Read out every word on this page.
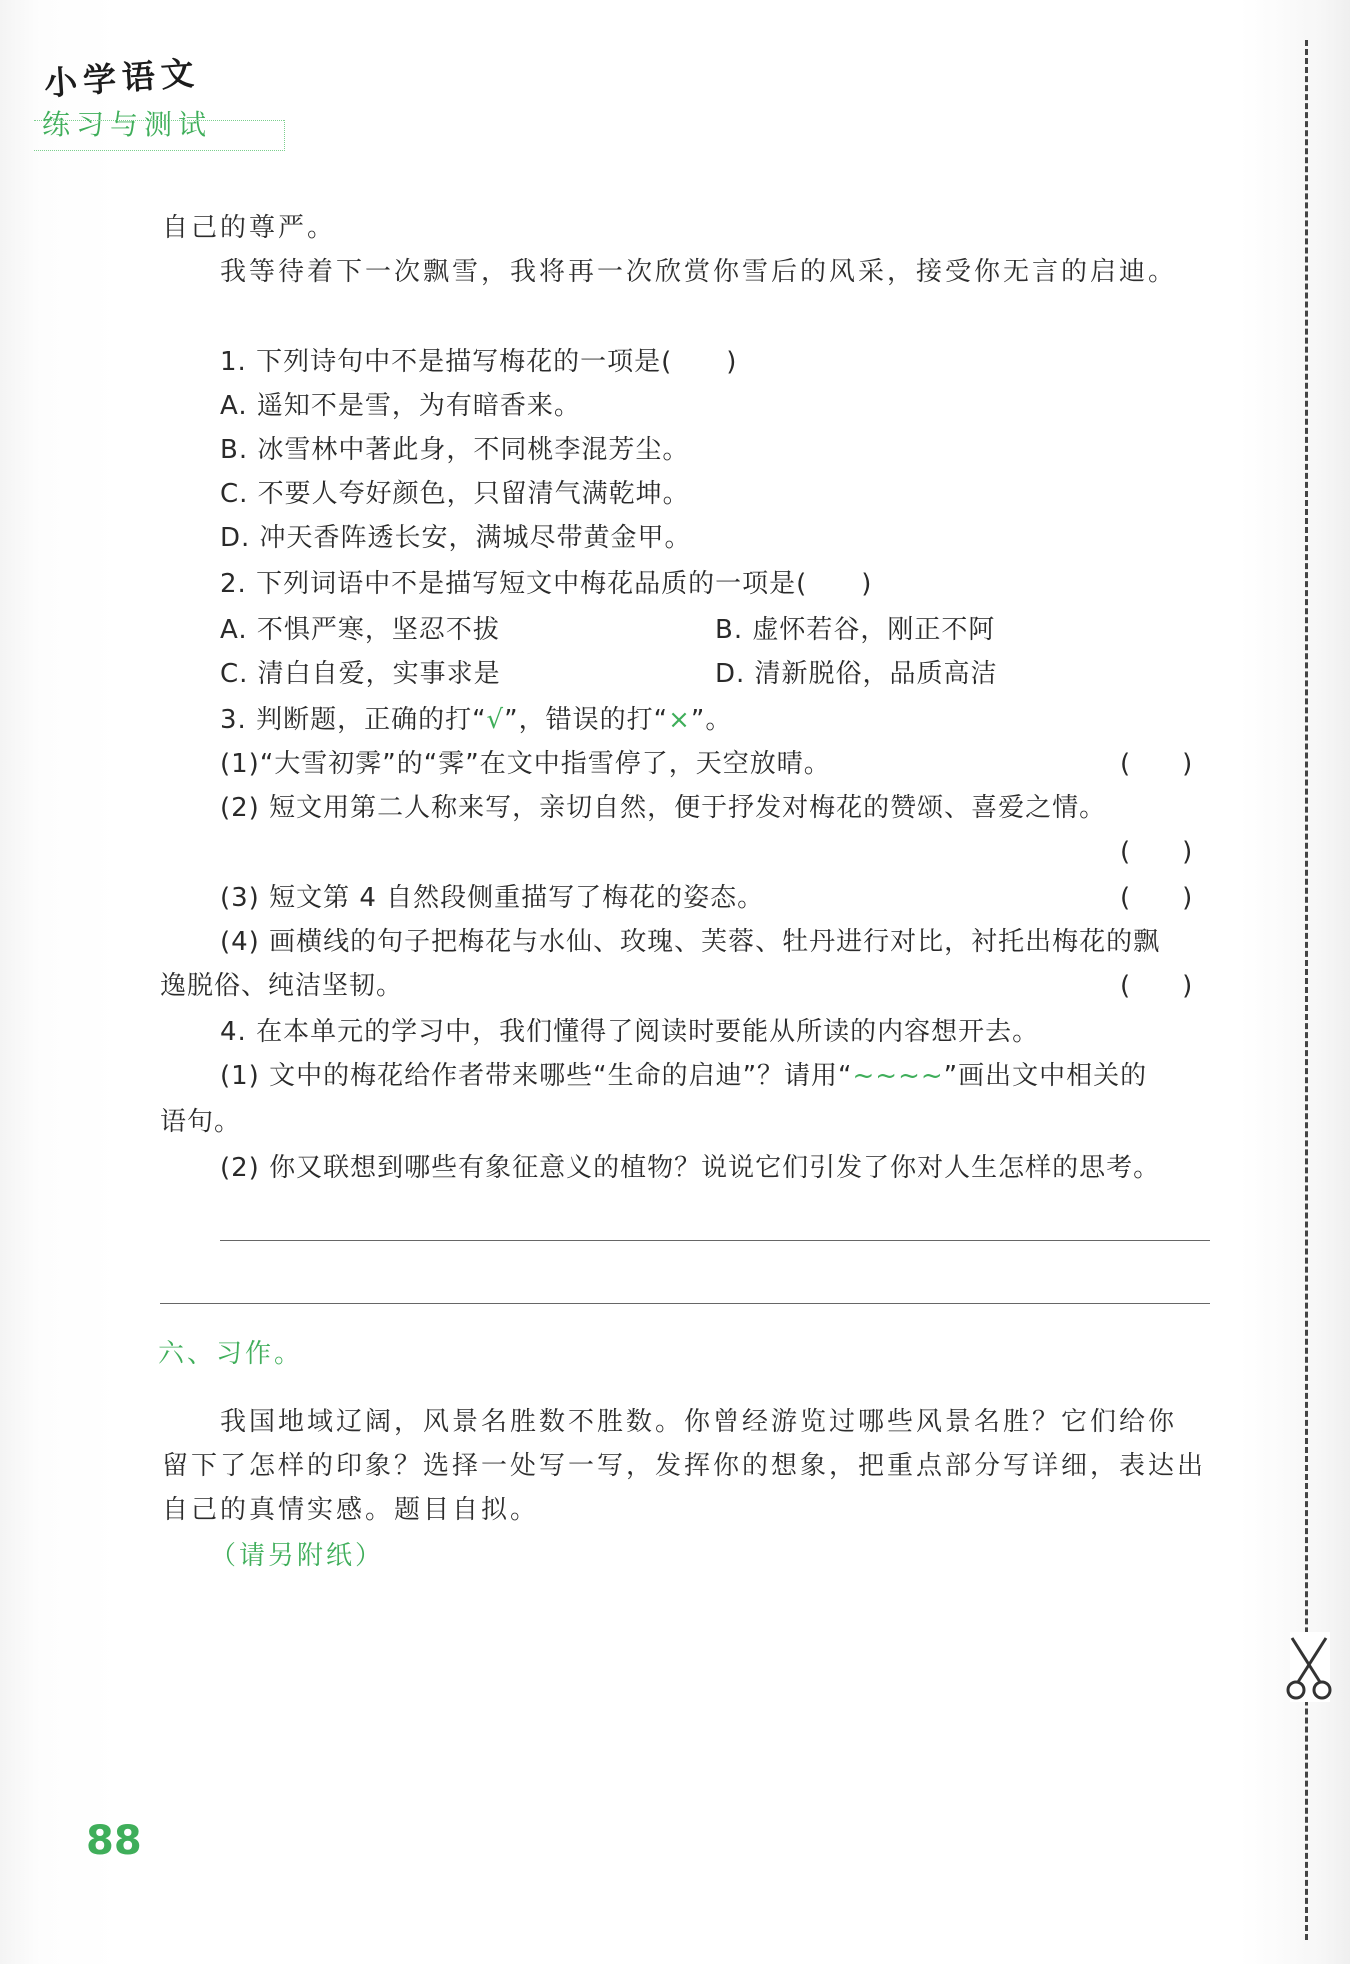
小学语文
练习与测试
自己的尊严。
我等待着下一次飘雪，我将再一次欣赏你雪后的风采，接受你无言的启迪。
1. 下列诗句中不是描写梅花的一项是(　　)
A. 遥知不是雪，为有暗香来。
B. 冰雪林中著此身，不同桃李混芳尘。
C. 不要人夸好颜色，只留清气满乾坤。
D. 冲天香阵透长安，满城尽带黄金甲。
2. 下列词语中不是描写短文中梅花品质的一项是(　　)
A. 不惧严寒，坚忍不拔	B. 虚怀若谷，刚正不阿
C. 清白自爱，实事求是	D. 清新脱俗，品质高洁
3. 判断题，正确的打“√”，错误的打“×”。
(1)“大雪初霁”的“霁”在文中指雪停了，天空放晴。	(　　)
(2) 短文用第二人称来写，亲切自然，便于抒发对梅花的赞颂、喜爱之情。
(　　)
(3) 短文第 4 自然段侧重描写了梅花的姿态。	(　　)
(4) 画横线的句子把梅花与水仙、玫瑰、芙蓉、牡丹进行对比，衬托出梅花的飘
逸脱俗、纯洁坚韧。	(　　)
4. 在本单元的学习中，我们懂得了阅读时要能从所读的内容想开去。
(1) 文中的梅花给作者带来哪些“生命的启迪”？请用“~~~~”画出文中相关的
语句。
(2) 你又联想到哪些有象征意义的植物？说说它们引发了你对人生怎样的思考。
六、习作。
我国地域辽阔，风景名胜数不胜数。你曾经游览过哪些风景名胜？它们给你
留下了怎样的印象？选择一处写一写，发挥你的想象，把重点部分写详细，表达出
自己的真情实感。题目自拟。
（请另附纸）
88
